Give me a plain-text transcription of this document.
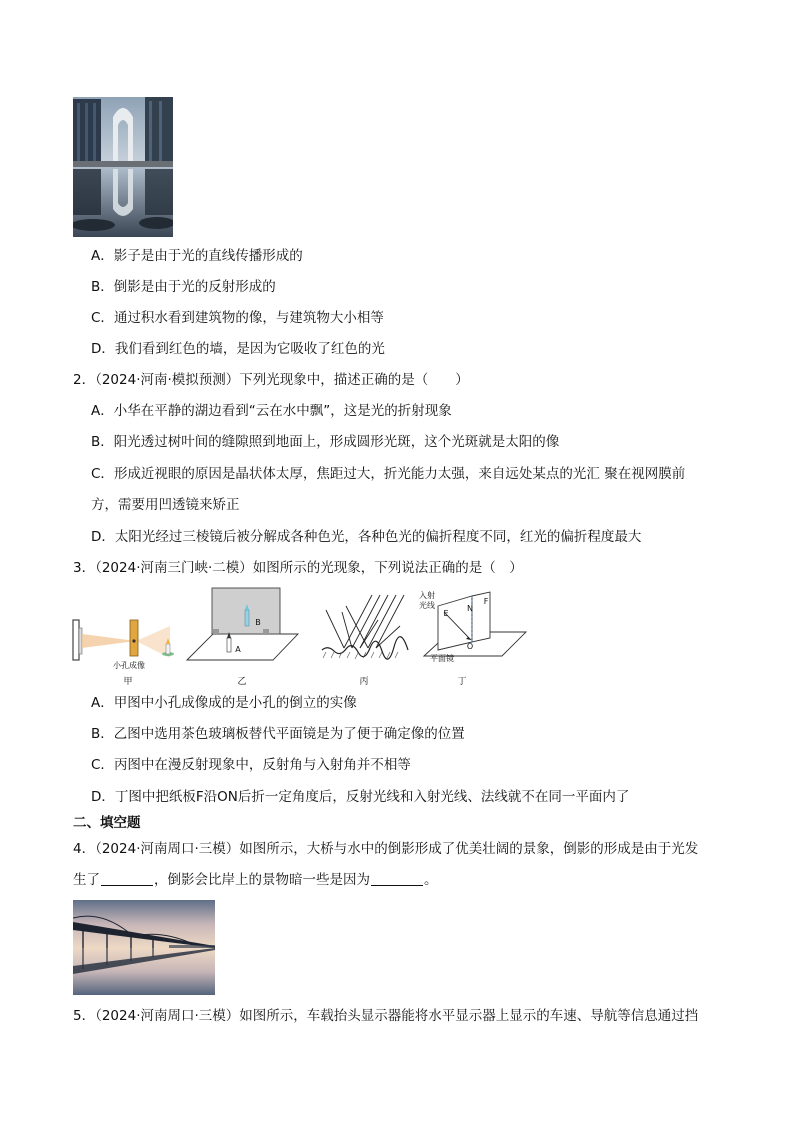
A．影子是由于光的直线传播形成的
B．倒影是由于光的反射形成的
C．通过积水看到建筑物的像，与建筑物大小相等
D．我们看到红色的墙，是因为它吸收了红色的光
2．（2024·河南·模拟预测）下列光现象中，描述正确的是（　　）
A．小华在平静的湖边看到“云在水中飘”，这是光的折射现象
B．阳光透过树叶间的缝隙照到地面上，形成圆形光斑，这个光斑就是太阳的像
C．形成近视眼的原因是晶状体太厚，焦距过大，折光能力太强，来自远处某点的光汇 聚在视网膜前
方，需要用凹透镜来矫正
D．太阳光经过三棱镜后被分解成各种色光，各种色光的偏折程度不同，红光的偏折程度最大
3．（2024·河南三门峡·二模）如图所示的光现象，下列说法正确的是（　）
小孔成像
甲
B
A
乙	丙
入射
光线	N
F
E
O
平面镜
丁
A．甲图中小孔成像成的是小孔的倒立的实像
B．乙图中选用茶色玻璃板替代平面镜是为了便于确定像的位置
C．丙图中在漫反射现象中，反射角与入射角并不相等
D．丁图中把纸板F沿ON后折一定角度后，反射光线和入射光线、法线就不在同一平面内了
二、填空题
4．（2024·河南周口·三模）如图所示，大桥与水中的倒影形成了优美壮阔的景象，倒影的形成是由于光发
生了	，倒影会比岸上的景物暗一些是因为	。
5．（2024·河南周口·三模）如图所示，车载抬头显示器能将水平显示器上显示的车速、导航等信息通过挡
